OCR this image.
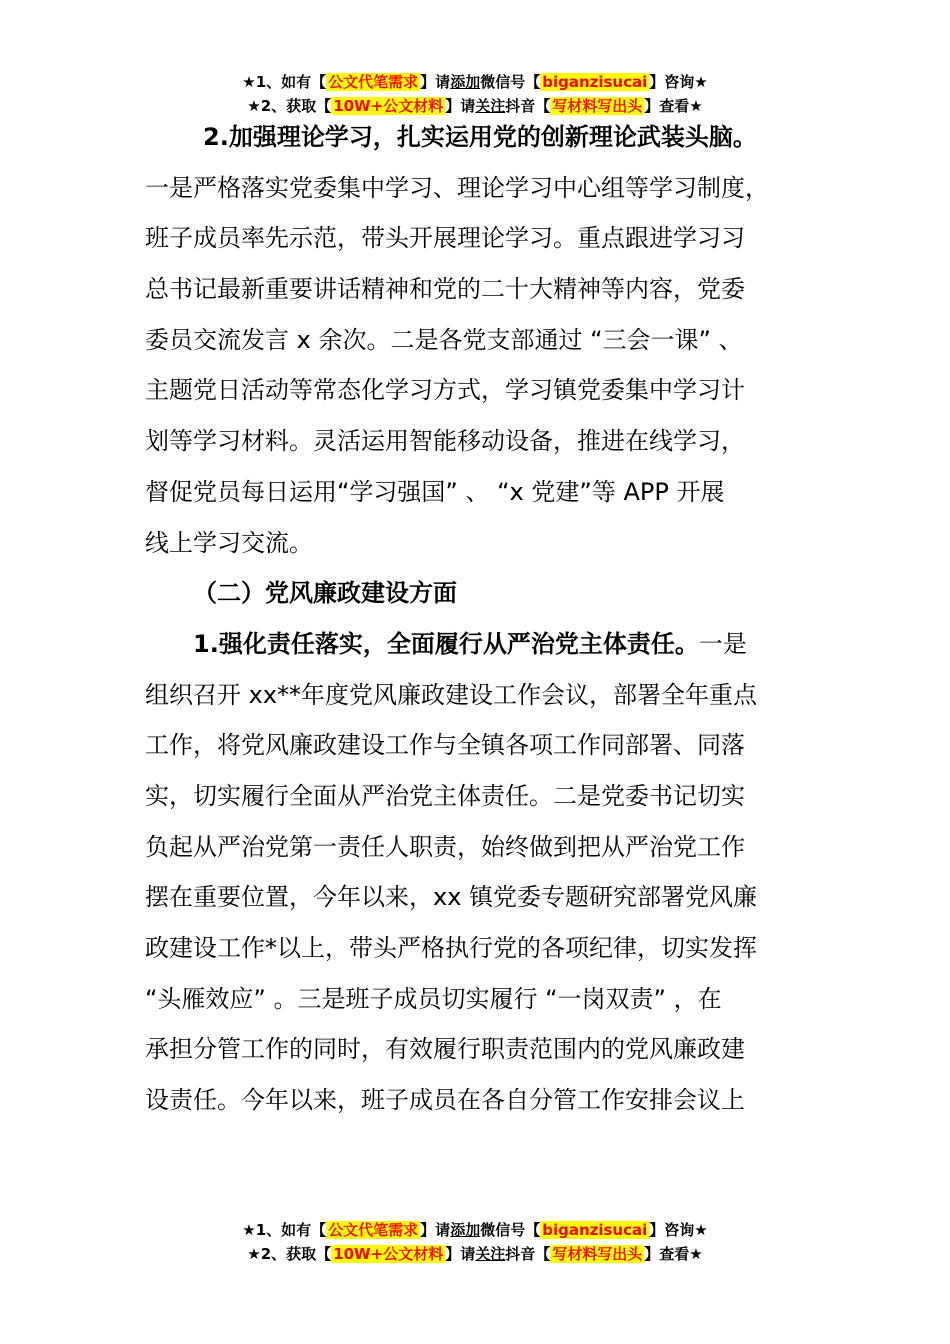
★1、如有【 公文代笔需求 】请添加微信号【 biganzisucai 】咨询★
★2、获取【 10W+公文材料 】请关注抖音【 写材料写出头 】查看★
2.加强理论学习，扎实运用党的创新理论武装头脑。
一是严格落实党委集中学习、理论学习中心组等学习制度，
班子成员率先示范，带头开展理论学习。重点跟进学习习
总书记最新重要讲话精神和党的二十大精神等内容，党委
委员交流发言 x 余次。二是各党支部通过 “三会一课” 、
主题党日活动等常态化学习方式，学习镇党委集中学习计
划等学习材料。灵活运用智能移动设备，推进在线学习，
督促党员每日运用“学习强国” 、 “x 党建”等 APP 开展
线上学习交流。
（二）党风廉政建设方面
1.强化责任落实，全面履行从严治党主体责任。一是
组织召开 xx**年度党风廉政建设工作会议，部署全年重点
工作，将党风廉政建设工作与全镇各项工作同部署、同落
实，切实履行全面从严治党主体责任。二是党委书记切实
负起从严治党第一责任人职责，始终做到把从严治党工作
摆在重要位置，今年以来，xx 镇党委专题研究部署党风廉
政建设工作*以上，带头严格执行党的各项纪律，切实发挥
“头雁效应” 。三是班子成员切实履行 “一岗双责” ，在
承担分管工作的同时，有效履行职责范围内的党风廉政建
设责任。今年以来，班子成员在各自分管工作安排会议上
★1、如有【 公文代笔需求 】请添加微信号【 biganzisucai 】咨询★
★2、获取【 10W+公文材料 】请关注抖音【 写材料写出头 】查看★
